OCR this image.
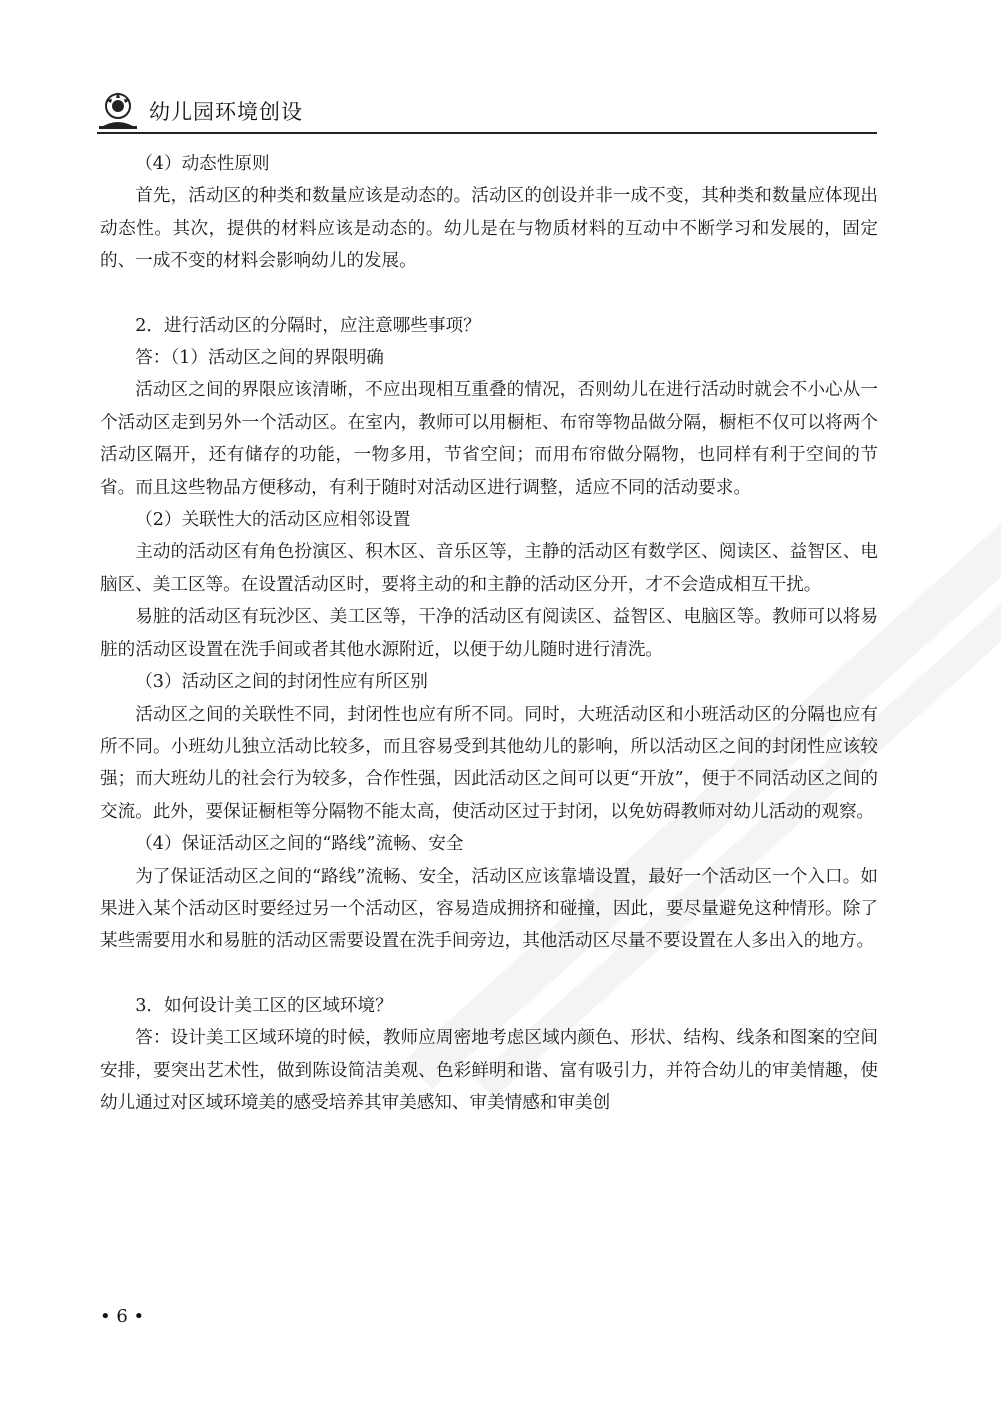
幼儿园环境创设

（4）动态性原则

首先，活动区的种类和数量应该是动态的。活动区的创设并非一成不变，其种类和数量应体现出动态性。其次，提供的材料应该是动态的。幼儿是在与物质材料的互动中不断学习和发展的，固定的、一成不变的材料会影响幼儿的发展。

2．进行活动区的分隔时，应注意哪些事项？

答：（1）活动区之间的界限明确

活动区之间的界限应该清晰，不应出现相互重叠的情况，否则幼儿在进行活动时就会不小心从一个活动区走到另外一个活动区。在室内，教师可以用橱柜、布帘等物品做分隔，橱柜不仅可以将两个活动区隔开，还有储存的功能，一物多用，节省空间；而用布帘做分隔物，也同样有利于空间的节省。而且这些物品方便移动，有利于随时对活动区进行调整，适应不同的活动要求。

（2）关联性大的活动区应相邻设置

主动的活动区有角色扮演区、积木区、音乐区等，主静的活动区有数学区、阅读区、益智区、电脑区、美工区等。在设置活动区时，要将主动的和主静的活动区分开，才不会造成相互干扰。

易脏的活动区有玩沙区、美工区等，干净的活动区有阅读区、益智区、电脑区等。教师可以将易脏的活动区设置在洗手间或者其他水源附近，以便于幼儿随时进行清洗。

（3）活动区之间的封闭性应有所区别

活动区之间的关联性不同，封闭性也应有所不同。同时，大班活动区和小班活动区的分隔也应有所不同。小班幼儿独立活动比较多，而且容易受到其他幼儿的影响，所以活动区之间的封闭性应该较强；而大班幼儿的社会行为较多，合作性强，因此活动区之间可以更“开放”，便于不同活动区之间的交流。此外，要保证橱柜等分隔物不能太高，使活动区过于封闭，以免妨碍教师对幼儿活动的观察。

（4）保证活动区之间的“路线”流畅、安全

为了保证活动区之间的“路线”流畅、安全，活动区应该靠墙设置，最好一个活动区一个入口。如果进入某个活动区时要经过另一个活动区，容易造成拥挤和碰撞，因此，要尽量避免这种情形。除了某些需要用水和易脏的活动区需要设置在洗手间旁边，其他活动区尽量不要设置在人多出入的地方。

3．如何设计美工区的区域环境？

答：设计美工区域环境的时候，教师应周密地考虑区域内颜色、形状、结构、线条和图案的空间安排，要突出艺术性，做到陈设简洁美观、色彩鲜明和谐、富有吸引力，并符合幼儿的审美情趣，使幼儿通过对区域环境美的感受培养其审美感知、审美情感和审美创

• 6 •
